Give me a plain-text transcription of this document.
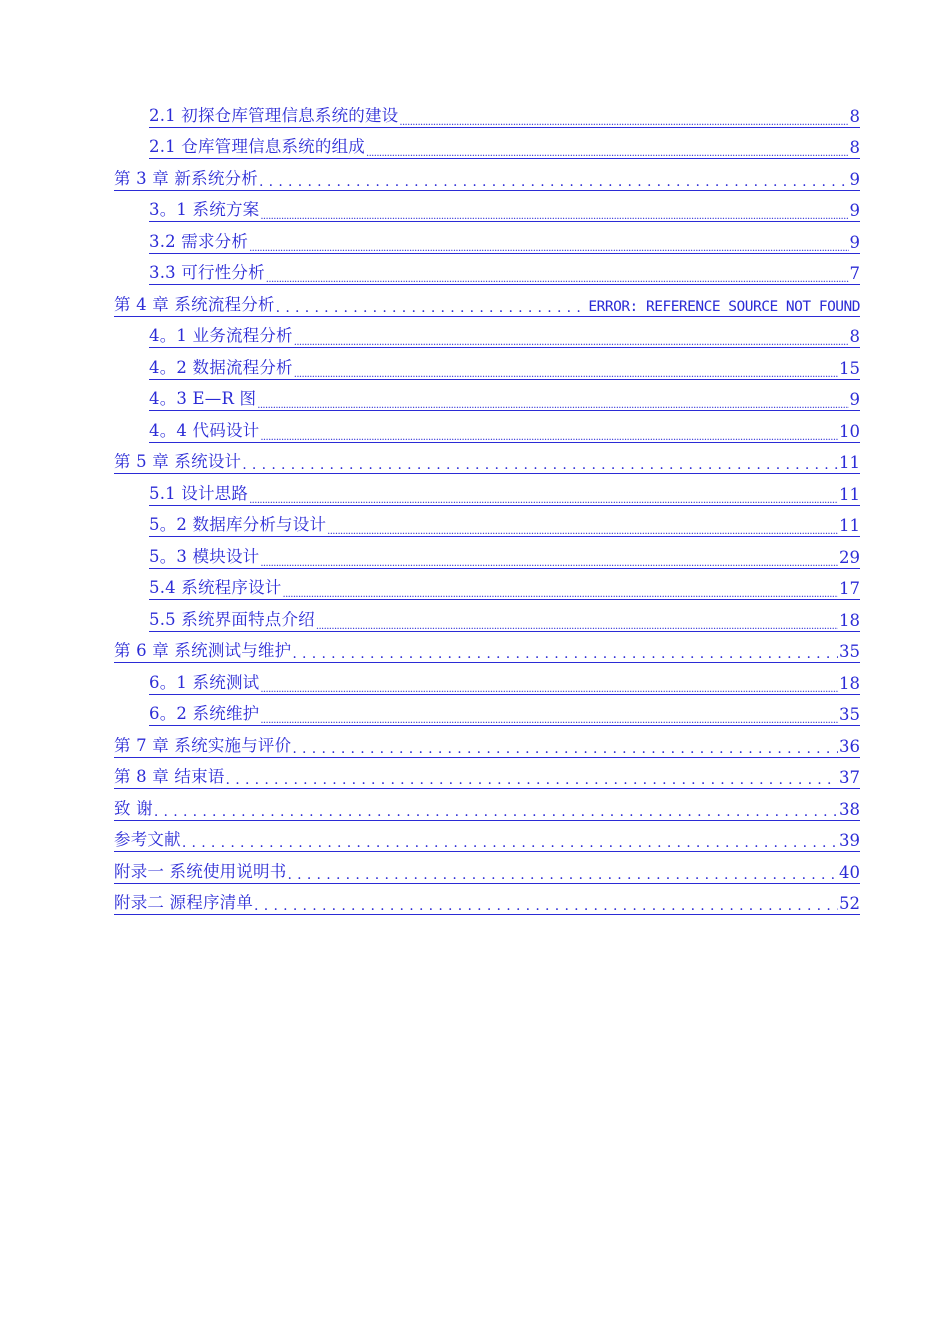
2.1 初探仓库管理信息系统的建设 .....	8
2.1 仓库管理信息系统的组成 .....	8
第 3 章 新系统分析 . . .	9
3。1 系统方案 .....	9
3.2 需求分析 .....	9
3.3 可行性分析 .....	7
第 4 章 系统流程分析 . . .	ERROR: REFERENCE SOURCE NOT FOUND
4。1 业务流程分析 .....	8
4。2 数据流程分析 .....	15
4。3 E—R 图 .....	9
4。4 代码设计 .....	10
第 5 章 系统设计 . . .	11
5.1 设计思路 .....	11
5。2 数据库分析与设计 .....	11
5。3 模块设计 .....	29
5.4 系统程序设计 .....	17
5.5 系统界面特点介绍 .....	18
第 6 章 系统测试与维护 . . .	35
6。1 系统测试 .....	18
6。2 系统维护 .....	35
第 7 章 系统实施与评价 . . .	36
第 8 章 结束语 . . .	37
致 谢 . . .	38
参考文献 . . .	39
附录一 系统使用说明书 . . .	40
附录二 源程序清单 . . .	52
